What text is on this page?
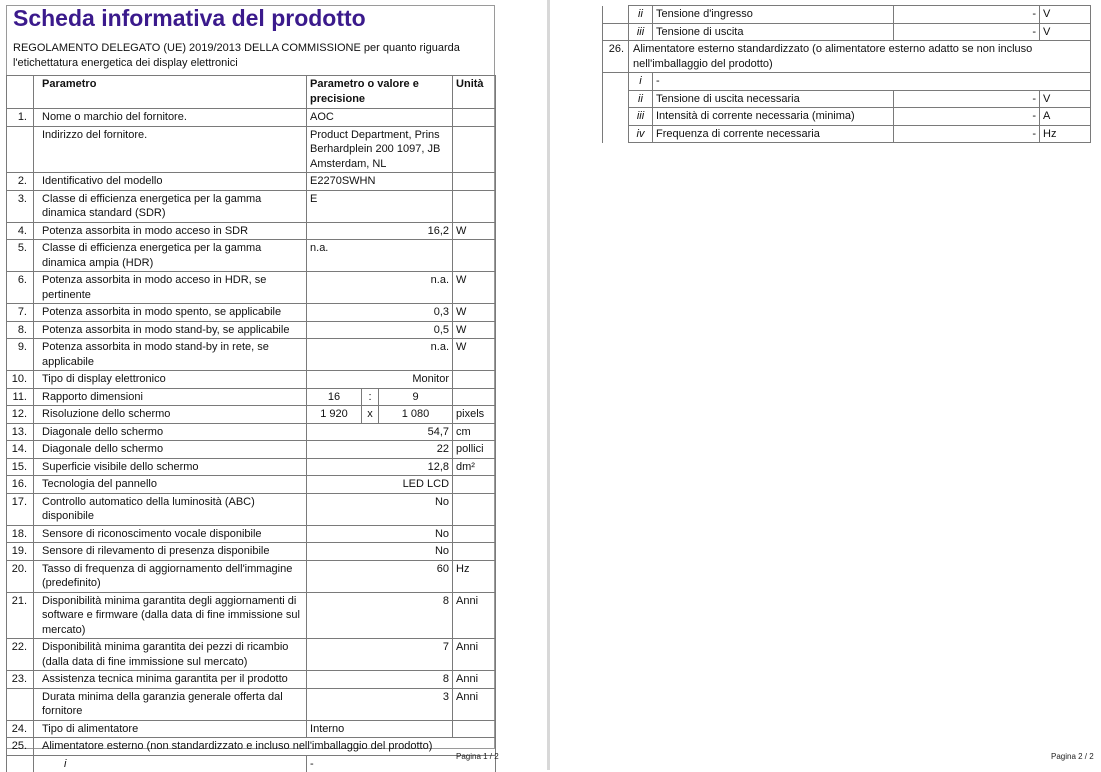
Scheda informativa del prodotto
REGOLAMENTO DELEGATO (UE) 2019/2013 DELLA COMMISSIONE per quanto riguarda l'etichettatura energetica dei display elettronici
	Parametro	Parametro o valore e precisione			Unità
1.	Nome o marchio del fornitore.	AOC			
	Indirizzo del fornitore.	Product Department, Prins Berhardplein 200 1097, JB Amsterdam, NL			
2.	Identificativo del modello	E2270SWHN			
3.	Classe di efficienza energetica per la gamma dinamica standard (SDR)	E			
4.	Potenza assorbita in modo acceso in SDR	16,2			W
5.	Classe di efficienza energetica per la gamma dinamica ampia (HDR)	n.a.			
6.	Potenza assorbita in modo acceso in HDR, se pertinente	n.a.			W
7.	Potenza assorbita in modo spento, se applicabile	0,3			W
8.	Potenza assorbita in modo stand-by, se applicabile	0,5			W
9.	Potenza assorbita in modo stand-by in rete, se applicabile	n.a.			W
10.	Tipo di display elettronico	Monitor			
11.	Rapporto dimensioni	16	:	9	
12.	Risoluzione dello schermo	1 920	x	1 080	pixels
13.	Diagonale dello schermo	54,7			cm
14.	Diagonale dello schermo	22			pollici
15.	Superficie visibile dello schermo	12,8			dm²
16.	Tecnologia del pannello	LED LCD			
17.	Controllo automatico della luminosità (ABC) disponibile	No			
18.	Sensore di riconoscimento vocale disponibile	No			
19.	Sensore di rilevamento di presenza disponibile	No			
20.	Tasso di frequenza di aggiornamento dell'immagine (predefinito)	60			Hz
21.	Disponibilità minima garantita degli aggiornamenti di software e firmware (dalla data di fine immissione sul mercato)	8			Anni
22.	Disponibilità minima garantita dei pezzi di ricambio (dalla data di fine immissione sul mercato)	7			Anni
23.	Assistenza tecnica minima garantita per il prodotto	8			Anni
	Durata minima della garanzia generale offerta dal fornitore	3			Anni
24.	Tipo di alimentatore	Interno			
25.	Alimentatore esterno (non standardizzato e incluso nell'imballaggio del prodotto)				
	i	-			
Pagina 1 / 2
	ii	Tensione d'ingresso	-	V
	iii	Tensione di uscita	-	V
26.	Alimentatore esterno standardizzato (o alimentatore esterno adatto se non incluso nell'imballaggio del prodotto)			
	i	-		
	ii	Tensione di uscita necessaria	-	V
	iii	Intensità di corrente necessaria (minima)	-	A
	iv	Frequenza di corrente necessaria	-	Hz
Pagina 2 / 2
